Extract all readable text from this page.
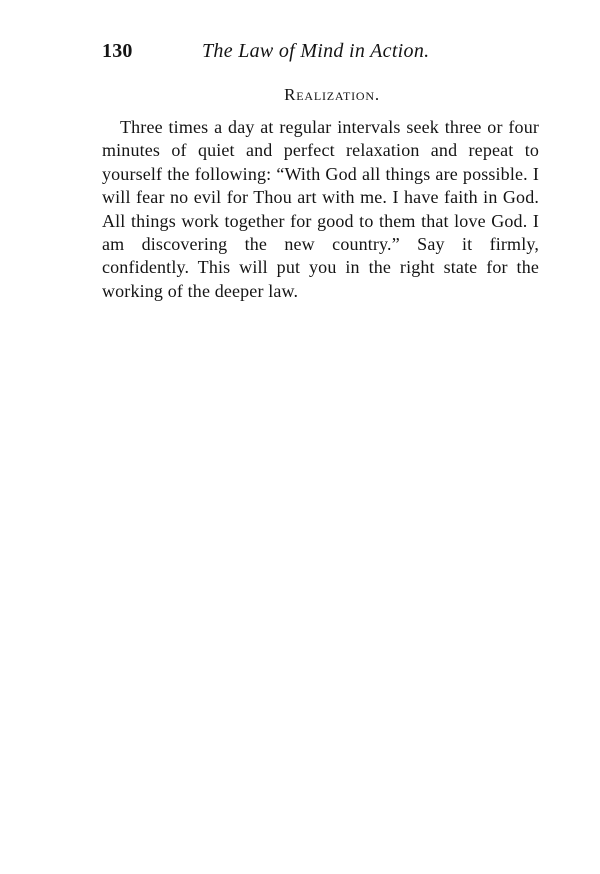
130	The Law of Mind in Action.
Realization.

Three times a day at regular intervals seek three or four minutes of quiet and perfect relaxation and repeat to yourself the following: “With God all things are possible. I will fear no evil for Thou art with me. I have faith in God. All things work together for good to them that love God. I am discovering the new country.” Say it firmly, confidently. This will put you in the right state for the working of the deeper law.
